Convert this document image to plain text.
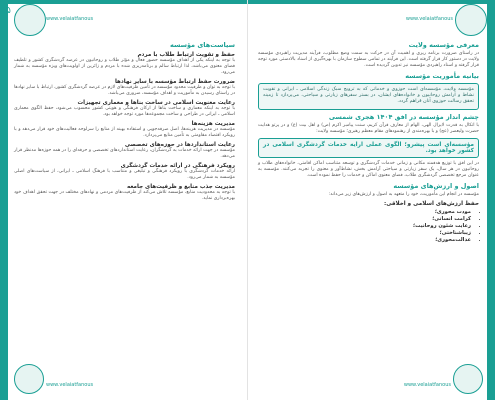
۵
www.velaiatfanous
سیاست‌های مؤسسه
حفظ و تقویت ارتباط طلاب با مردم

با توجه به اینکه یکی از اهداف مؤسسه حضور فعال و مؤثر طلاب و روحانیون در عرصه گردشگری کشور و تلطیف فضای معنوی می‌باشد، لذا ارتباط سالم و برنامه‌ریزی شده با مردم و زائرین از اولویت‌های ویژه مؤسسه به شمار می‌رود.

ضرورت حفظ ارتباط مؤسسه با سایر نهادها

با توجه به توان و ظرفیت محدود مؤسسه در تأمین ظرفیت‌های لازم در عرصه گردشگری کشور، ارتباط با سایر نهادها در راستای رسیدن به مأموریت و اهداف مؤسسه، ضروری می‌باشد.

رعایت معنویت اسلامی در ساخت بناها و معماری تجهیزات

با توجه به اینکه معماری و ساخت بناها از ارکان فرهنگی و هویتی کشور محسوب می‌شود، حفظ الگوی معماری اسلامی ـ ایرانی در طراحی و ساخت مجموعه‌ها مورد توجه خواهد بود.

مدیریت هزینه‌ها

مؤسسه در مدیریت هزینه‌ها، اصل صرفه‌جویی و استفاده بهینه از منابع را سرلوحه فعالیت‌های خود قرار می‌دهد و با رویکرد اقتصاد مقاومتی به تأمین منابع می‌پردازد.

رعایت استانداردها در حوزه‌های تخصصی

مؤسسه در جهت ارائه خدمات به گردشگران، رعایت استانداردهای تخصصی و حرفه‌ای را در همه حوزه‌ها مدنظر قرار می‌دهد.

رویکرد فرهنگی در ارائه خدمات گردشگری

ارائه خدمات گردشگری با رویکرد فرهنگی و تبلیغی و متناسب با فرهنگ اسلامی ـ ایرانی، از سیاست‌های اصلی مؤسسه به شمار می‌رود.

مدیریت جذب منابع و ظرفیت‌های جامعه

با توجه به محدودیت منابع، مؤسسه تلاش می‌کند از ظرفیت‌های مردمی و نهادهای مختلف در جهت تحقق اهداف خود بهره‌برداری نماید.

www.velaiatfanous
www.velaiatfanous
معرفی مؤسسه ولایت

در راستای ضرورت برنامه ریزی و اهمیت آن در حرکت به سمت وضع مطلوب، فرآیند مدیریت راهبردی مؤسسه ولایت در دستور کار قرار گرفته است. این فرآیند در تمامی سطوح سازمان با بهره‌گیری از اسناد بالادستی مورد توجه قرار گرفته و اسناد راهبردی مؤسسه نیز تدوین گردیده است.

بیانیه مأموریت مؤسسه
مؤسسه ولایت، مؤسسه‌ای است حوزوی و خدماتی که به ترویج سبک زندگی اسلامی ـ ایرانی و تقویت نشاط و آرامش روحانیون و خانواده‌های ایشان، در بستر سفرهای زیارتی و سیاحتی، می‌پردازد تا زمینه تحقق رسالت حوزوی آنان فراهم گردد.
چشم انداز مؤسسه در افق ۱۴۰۴ هجری شمسی

با اتکال به قدرت لایزال الهی، الهام از معارف قرآن کریم، سنت پیامبر اکرم (ص) و اهل بیت (ع) و در پرتو هدایت حضرت ولیعصر (عج) و با بهره‌مندی از رهنمودهای مقام معظم رهبری؛ مؤسسه ولایت:

مؤسسه‌ای است پیشرو؛ الگوی عملی ارایه خدمات گردشگری اسلامی در کشور خواهد بود.

در این افق با توزیع هدفمند مکانی و زمانی خدمات گردشگری و توسعه متناسب اماکن اقامتی، خانواده‌های طلاب و روحانیون در هر سال، یک سفر زیارتی و سیاحتی آرامش بخش، نشاط‌آور و معنوی را تجربه می‌کنند. مؤسسه به عنوان مرجع تخصصی گردشگری طلاب، فضای معنوی اماکن و خدمات را حفظ نموده است.

اصول و ارزش‌های مؤسسه

مؤسسه در انجام این مأموریت، خود را متعهد به اصول و ارزش‌های زیر می‌داند:

حفظ ارزش‌های اسلامی و اخلاقی:
• مودت محوری؛
• کرامت انسانی؛
• رعایت شئون روحانیت؛
• زیباشناختی؛
• عدالت‌محوری؛
www.velaiatfanous
